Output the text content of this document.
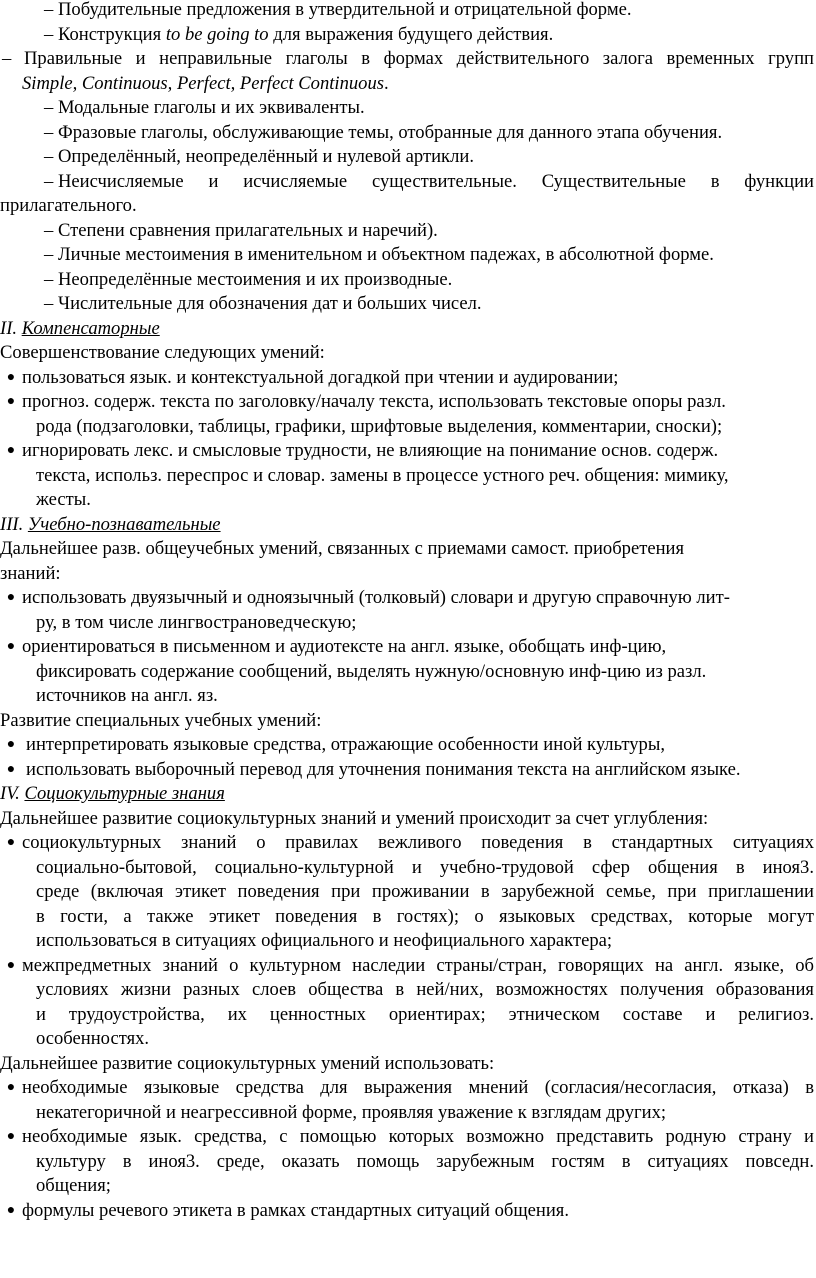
– Побудительные предложения в утвердительной и отрицательной форме.
– Конструкция to be going to для выражения будущего действия.
– Правильные и неправильные глаголы в формах действительного залога временных групп
Simple, Continuous, Perfect, Perfect Continuous.
– Модальные глаголы и их эквиваленты.
– Фразовые глаголы, обслуживающие темы, отобранные для данного этапа обучения.
– Определённый, неопределённый и нулевой артикли.
– Неисчисляемые и исчисляемые существительные. Существительные в функции
прилагательного.
– Степени сравнения прилагательных и наречий).
– Личные местоимения в именительном и объектном падежах, в абсолютной форме.
– Неопределённые местоимения и их производные.
– Числительные для обозначения дат и больших чисел.
II. Компенсаторные
Совершенствование следующих умений:
● пользоваться язык. и контекстуальной догадкой при чтении и аудировании;
● прогноз. содерж. текста по заголовку/началу текста, использовать текстовые опоры разл.
рода (подзаголовки, таблицы, графики, шрифтовые выделения, комментарии, сноски);
● игнорировать лекс. и смысловые трудности, не влияющие на понимание основ. содерж.
текста, использ. переспрос и словар. замены в процессе устного реч. общения: мимику,
жесты.
III. Учебно-познавательные
Дальнейшее разв. общеучебных умений, связанных с приемами самост. приобретения
знаний:
● использовать двуязычный и одноязычный (толковый) словари и другую справочную лит-
ру, в том числе лингвострановедческую;
● ориентироваться в письменном и аудиотексте на англ. языке, обобщать инф-цию,
фиксировать содержание сообщений, выделять нужную/основную инф-цию из разл.
источников на англ. яз.
Развитие специальных учебных умений:
● интерпретировать языковые средства, отражающие особенности иной культуры,
● использовать выборочный перевод для уточнения понимания текста на английском языке.
IV. Социокультурные знания
Дальнейшее развитие социокультурных знаний и умений происходит за счет углубления:
● социокультурных знаний о правилах вежливого поведения в стандартных ситуациях
социально-бытовой, социально-культурной и учебно-трудовой сфер общения в иноя3.
среде (включая этикет поведения при проживании в зарубежной семье, при приглашении
в гости, а также этикет поведения в гостях); о языковых средствах, которые могут
использоваться в ситуациях официального и неофициального характера;
● межпредметных знаний о культурном наследии страны/стран, говорящих на англ. языке, об
условиях жизни разных слоев общества в ней/них, возможностях получения образования
и трудоустройства, их ценностных ориентирах; этническом составе и религиоз.
особенностях.
Дальнейшее развитие социокультурных умений использовать:
● необходимые языковые средства для выражения мнений (согласия/несогласия, отказа) в
некатегоричной и неагрессивной форме, проявляя уважение к взглядам других;
● необходимые язык. средства, с помощью которых возможно представить родную страну и
культуру в иноя3. среде, оказать помощь зарубежным гостям в ситуациях повседн.
общения;
● формулы речевого этикета в рамках стандартных ситуаций общения.
